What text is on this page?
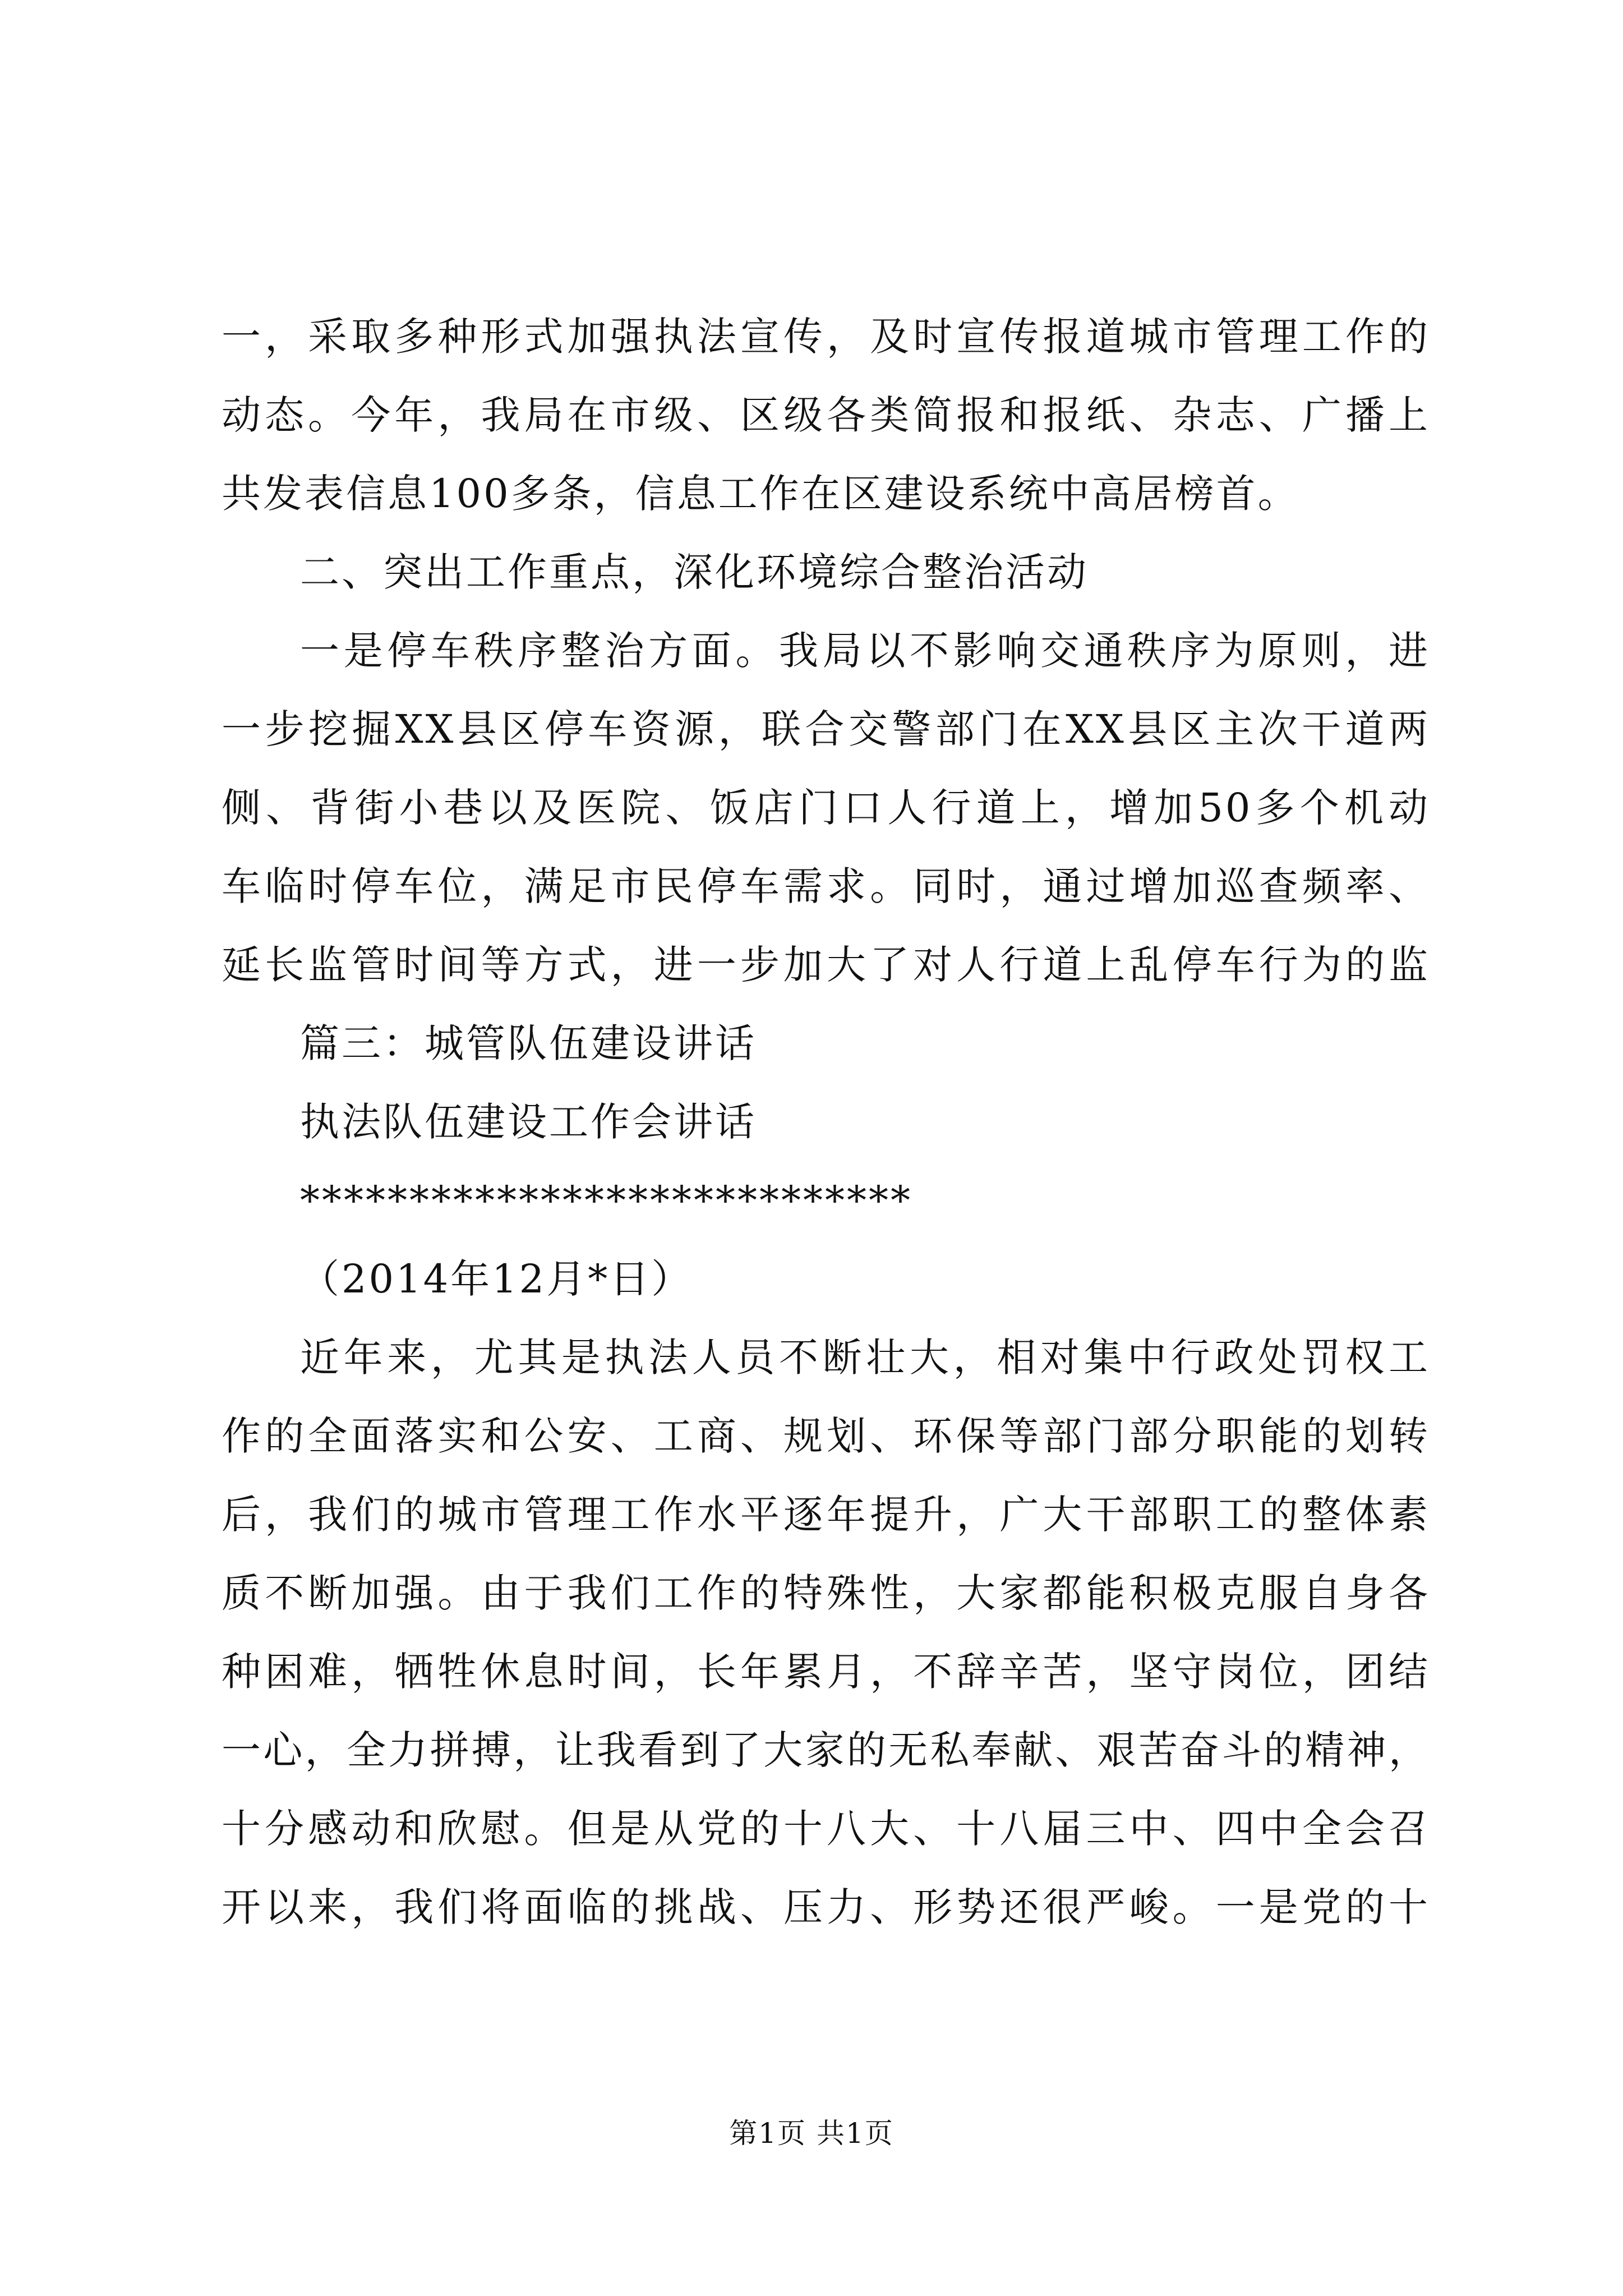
一，采取多种形式加强执法宣传，及时宣传报道城市管理工作的
动态。今年，我局在市级、区级各类简报和报纸、杂志、广播上
共发表信息100多条，信息工作在区建设系统中高居榜首。
二、突出工作重点，深化环境综合整治活动
一是停车秩序整治方面。我局以不影响交通秩序为原则，进
一步挖掘XX县区停车资源，联合交警部门在XX县区主次干道两
侧、背街小巷以及医院、饭店门口人行道上，增加50多个机动
车临时停车位，满足市民停车需求。同时，通过增加巡查频率、
延长监管时间等方式，进一步加大了对人行道上乱停车行为的监
篇三：城管队伍建设讲话
执法队伍建设工作会讲话
****************************
（2014年12月*日）
近年来，尤其是执法人员不断壮大，相对集中行政处罚权工
作的全面落实和公安、工商、规划、环保等部门部分职能的划转
后，我们的城市管理工作水平逐年提升，广大干部职工的整体素
质不断加强。由于我们工作的特殊性，大家都能积极克服自身各
种困难，牺牲休息时间，长年累月，不辞辛苦，坚守岗位，团结
一心，全力拼搏，让我看到了大家的无私奉献、艰苦奋斗的精神，
十分感动和欣慰。但是从党的十八大、十八届三中、四中全会召
开以来，我们将面临的挑战、压力、形势还很严峻。一是党的十
第1页 共1页
